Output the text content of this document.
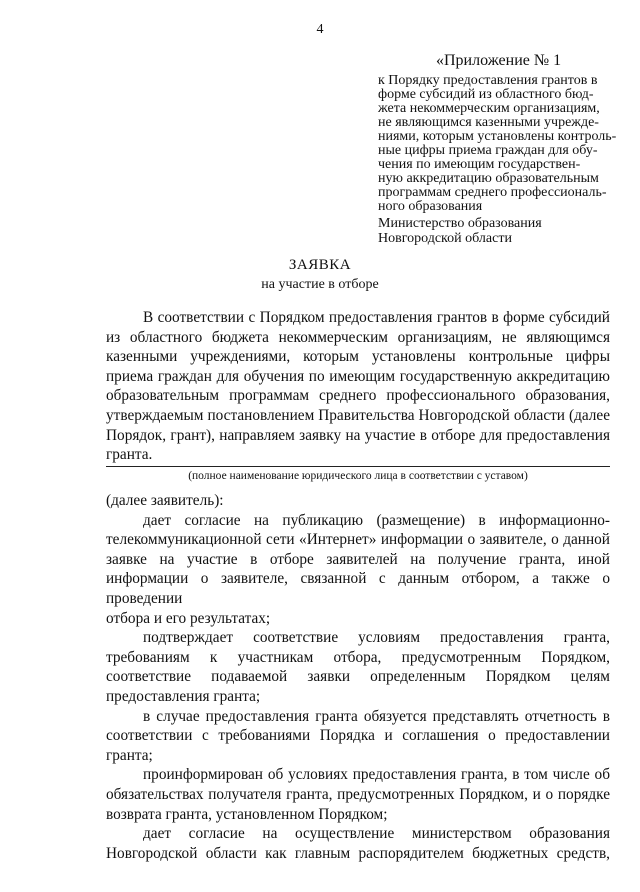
4
«Приложение № 1
к Порядку предоставления грантов в
форме субсидий из областного бюд-
жета некоммерческим организациям,
не являющимся казенными учрежде-
ниями, которым установлены контроль-
ные цифры приема граждан для обу-
чения по имеющим государствен-
ную аккредитацию образовательным
программам среднего профессиональ-
ного образования
Министерство образования
Новгородской области
ЗАЯВКА
на участие в отборе
В соответствии с Порядком предоставления грантов в форме субсидий
из областного бюджета некоммерческим организациям, не являющимся
казенными учреждениями, которым установлены контрольные цифры
приема граждан для обучения по имеющим государственную аккредитацию
образовательным программам среднего профессионального образования,
утверждаемым постановлением Правительства Новгородской области (далее
Порядок, грант), направляем заявку на участие в отборе для предоставления
гранта.
(полное наименование юридического лица в соответствии с уставом)
(далее заявитель):
дает согласие на публикацию (размещение) в информационно-
телекоммуникационной сети «Интернет» информации о заявителе, о данной
заявке на участие в отборе заявителей на получение гранта, иной
информации о заявителе, связанной с данным отбором, а также о проведении
отбора и его результатах;
подтверждает соответствие условиям предоставления гранта,
требованиям к участникам отбора, предусмотренным Порядком,
соответствие подаваемой заявки определенным Порядком целям
предоставления гранта;
в случае предоставления гранта обязуется представлять отчетность в
соответствии с требованиями Порядка и соглашения о предоставлении
гранта;
проинформирован об условиях предоставления гранта, в том числе об
обязательствах получателя гранта, предусмотренных Порядком, и о порядке
возврата гранта, установленном Порядком;
дает согласие на осуществление министерством образования
Новгородской области как главным распорядителем бюджетных средств,
